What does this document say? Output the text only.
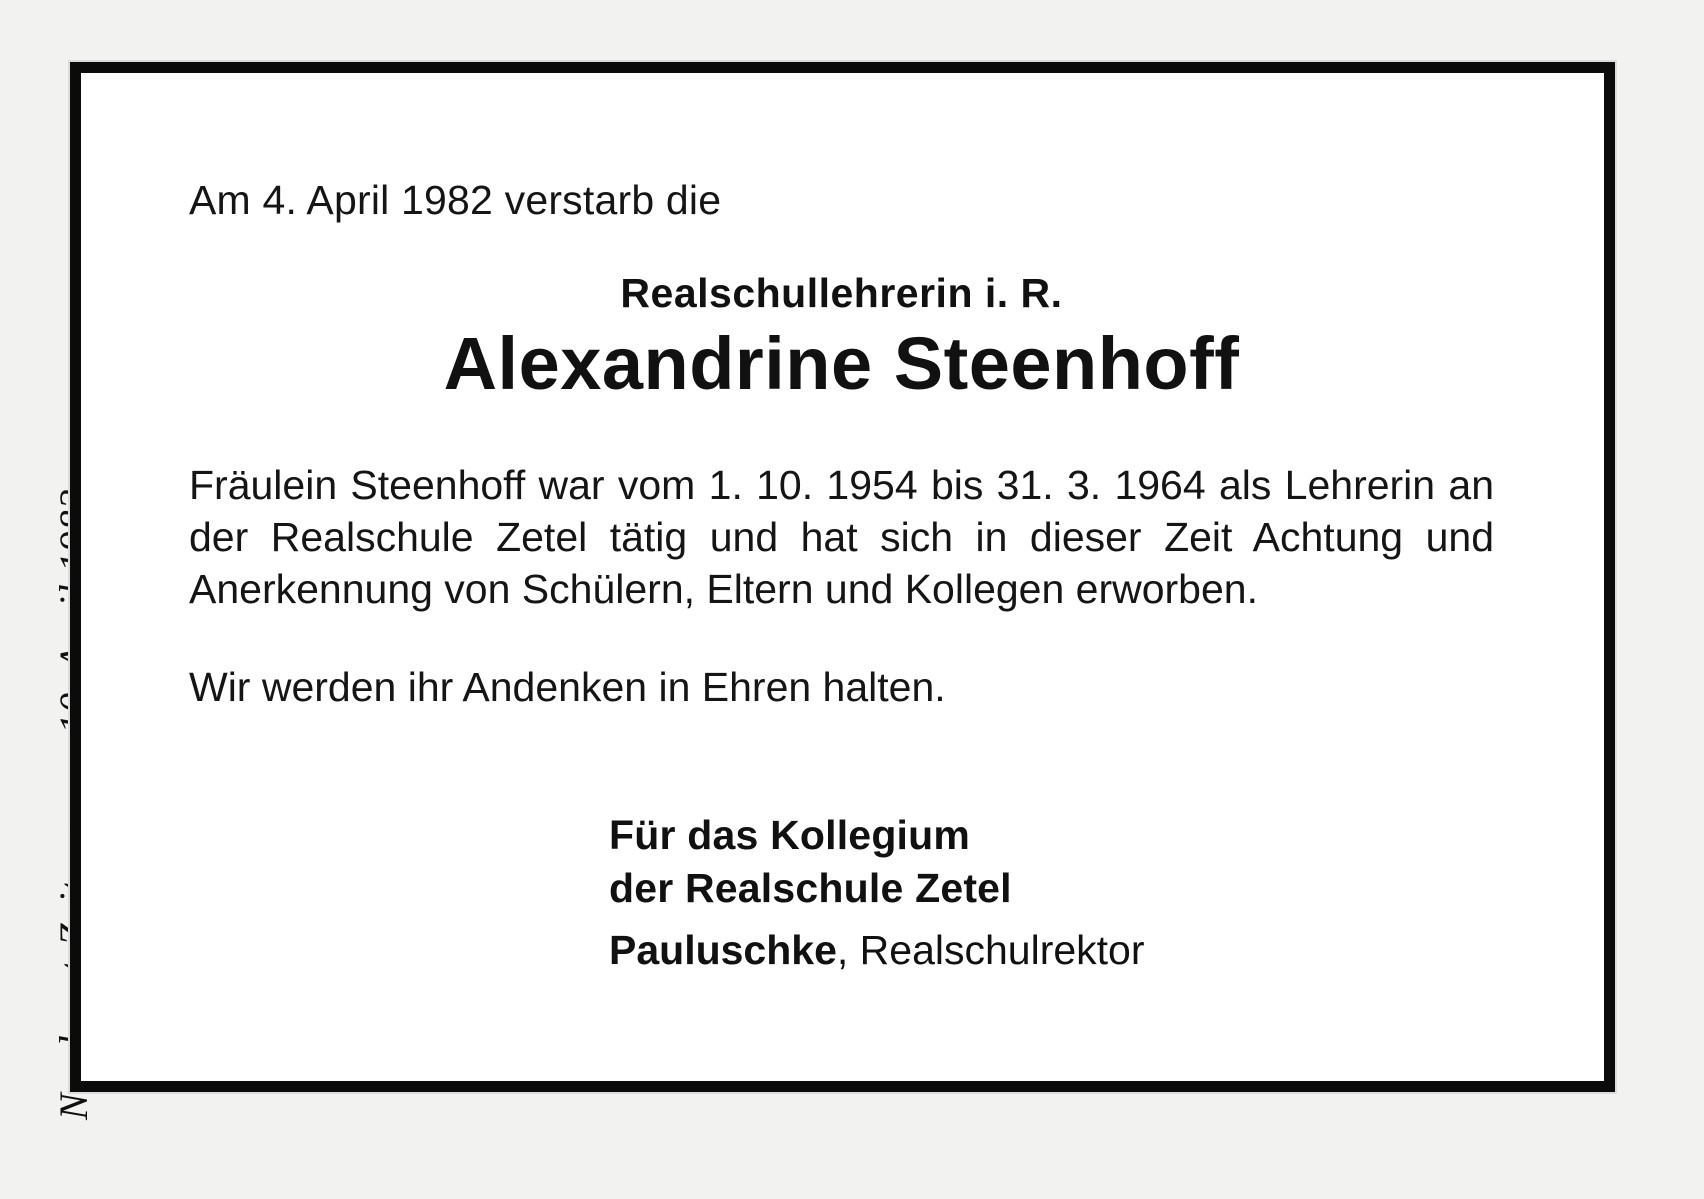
Am 4. April 1982 verstarb die
Realschullehrerin i. R.
Alexandrine Steenhoff
Fräulein Steenhoff war vom 1. 10. 1954 bis 31. 3. 1964 als Lehrerin an der Realschule Zetel tätig und hat sich in dieser Zeit Achtung und Anerkennung von Schülern, Eltern und Kollegen erworben.
Wir werden ihr Andenken in Ehren halten.
Für das Kollegium
der Realschule Zetel
Pauluschke, Realschulrektor
